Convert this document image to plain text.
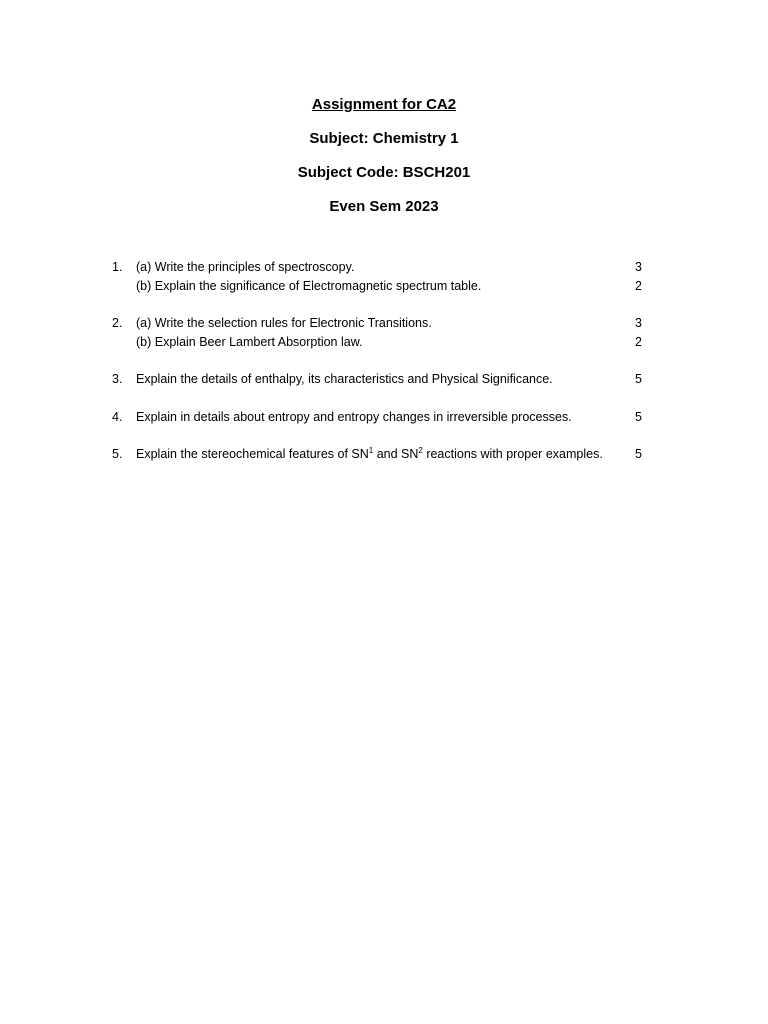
Assignment for CA2
Subject: Chemistry 1
Subject Code: BSCH201
Even Sem 2023
1.	(a) Write the principles of spectroscopy.	3
(b) Explain the significance of Electromagnetic spectrum table.	2
2.	(a) Write the selection rules for Electronic Transitions.	3
(b) Explain Beer Lambert Absorption law.	2
3.	Explain the details of enthalpy, its characteristics and Physical Significance.	5
4.	Explain in details about entropy and entropy changes in irreversible processes.	5
5.	Explain the stereochemical features of $SN^1$ and $SN^2$ reactions with proper examples.	5
